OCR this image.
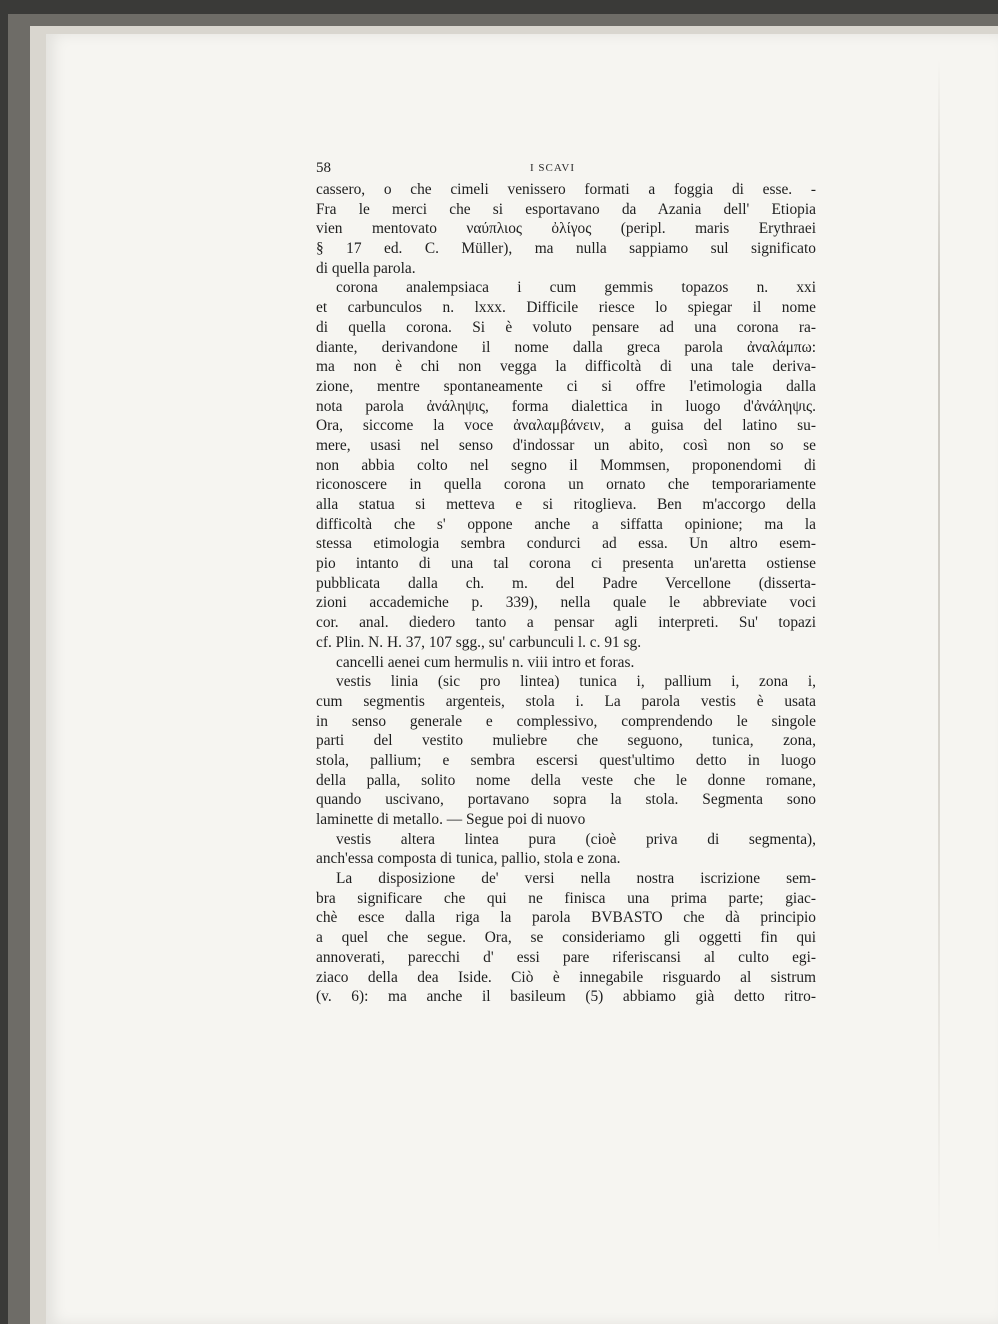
58	I SCAVI
cassero, o che cimeli venissero formati a foggia di esse. -
Fra le merci che si esportavano da Azania dell' Etiopia
vien mentovato ναύπλιος ὀλίγος (peripl. maris Erythraei
§ 17 ed. C. Müller), ma nulla sappiamo sul significato
di quella parola.
corona analempsiaca i cum gemmis topazos n. xxi
et carbunculos n. lxxx. Difficile riesce lo spiegar il nome
di quella corona. Si è voluto pensare ad una corona ra-
diante, derivandone il nome dalla greca parola ἀναλάμπω:
ma non è chi non vegga la difficoltà di una tale deriva-
zione, mentre spontaneamente ci si offre l'etimologia dalla
nota parola ἀνάληψις, forma dialettica in luogo d'ἀνάληψις.
Ora, siccome la voce ἀναλαμβάνειν, a guisa del latino su-
mere, usasi nel senso d'indossar un abito, così non so se
non abbia colto nel segno il Mommsen, proponendomi di
riconoscere in quella corona un ornato che temporariamente
alla statua si metteva e si ritoglieva. Ben m'accorgo della
difficoltà che s' oppone anche a siffatta opinione; ma la
stessa etimologia sembra condurci ad essa. Un altro esem-
pio intanto di una tal corona ci presenta un'aretta ostiense
pubblicata dalla ch. m. del Padre Vercellone (disserta-
zioni accademiche p. 339), nella quale le abbreviate voci
cor. anal. diedero tanto a pensar agli interpreti. Su' topazi
cf. Plin. N. H. 37, 107 sgg., su' carbunculi l. c. 91 sg.
cancelli aenei cum hermulis n. viii intro et foras.
vestis linia (sic pro lintea) tunica i, pallium i, zona i,
cum segmentis argenteis, stola i. La parola vestis è usata
in senso generale e complessivo, comprendendo le singole
parti del vestito muliebre che seguono, tunica, zona,
stola, pallium; e sembra escersi quest'ultimo detto in luogo
della palla, solito nome della veste che le donne romane,
quando uscivano, portavano sopra la stola. Segmenta sono
laminette di metallo. — Segue poi di nuovo
vestis altera lintea pura (cioè priva di segmenta),
anch'essa composta di tunica, pallio, stola e zona.
La disposizione de' versi nella nostra iscrizione sem-
bra significare che qui ne finisca una prima parte; giac-
chè esce dalla riga la parola BVBASTO che dà principio
a quel che segue. Ora, se consideriamo gli oggetti fin qui
annoverati, parecchi d' essi pare riferiscansi al culto egi-
ziaco della dea Iside. Ciò è innegabile risguardo al sistrum
(v. 6): ma anche il basileum (5) abbiamo già detto ritro-
